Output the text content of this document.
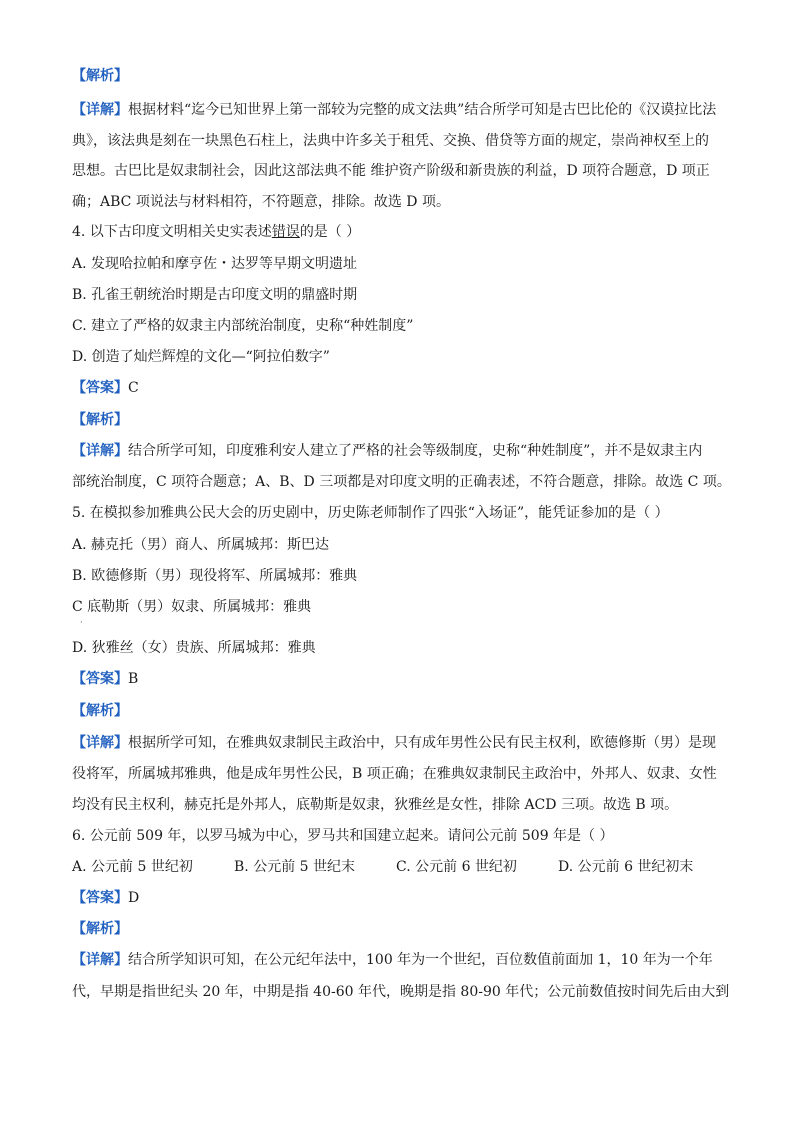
【解析】
【详解】根据材料“迄今已知世界上第一部较为完整的成文法典”结合所学可知是古巴比伦的《汉谟拉比法
典》，该法典是刻在一块黑色石柱上，法典中许多关于租凭、交换、借贷等方面的规定，崇尚神权至上的
思想。古巴比是奴隶制社会，因此这部法典不能 维护资产阶级和新贵族的利益，D 项符合题意，D 项正
确；ABC 项说法与材料相符，不符题意，排除。故选 D 项。
4. 以下古印度文明相关史实表述错误的是（ ）
A. 发现哈拉帕和摩亨佐・达罗等早期文明遗址
B. 孔雀王朝统治时期是古印度文明的鼎盛时期
C. 建立了严格的奴隶主内部统治制度，史称“种姓制度”
D. 创造了灿烂辉煌的文化—“阿拉伯数字”
【答案】C
【解析】
【详解】结合所学可知，印度雅利安人建立了严格的社会等级制度，史称“种姓制度”，并不是奴隶主内
部统治制度，C 项符合题意；A、B、D 三项都是对印度文明的正确表述，不符合题意，排除。故选 C 项。
5. 在模拟参加雅典公民大会的历史剧中，历史陈老师制作了四张“入场证”，能凭证参加的是（ ）
A. 赫克托（男）商人、所属城邦：斯巴达
B. 欧德修斯（男）现役将军、所属城邦：雅典
C 底勒斯（男）奴隶、所属城邦：雅典
·
D. 狄雅丝（女）贵族、所属城邦：雅典
【答案】B
【解析】
【详解】根据所学可知，在雅典奴隶制民主政治中，只有成年男性公民有民主权利，欧德修斯（男）是现
役将军，所属城邦雅典，他是成年男性公民，B 项正确；在雅典奴隶制民主政治中，外邦人、奴隶、女性
均没有民主权利，赫克托是外邦人，底勒斯是奴隶，狄雅丝是女性，排除 ACD 三项。故选 B 项。
6. 公元前 509 年，以罗马城为中心，罗马共和国建立起来。请问公元前 509 年是（ ）
A. 公元前 5 世纪初	B. 公元前 5 世纪末	C. 公元前 6 世纪初	D. 公元前 6 世纪初末
【答案】D
【解析】
【详解】结合所学知识可知，在公元纪年法中，100 年为一个世纪，百位数值前面加 1，10 年为一个年
代，早期是指世纪头 20 年，中期是指 40-60 年代，晚期是指 80-90 年代；公元前数值按时间先后由大到
